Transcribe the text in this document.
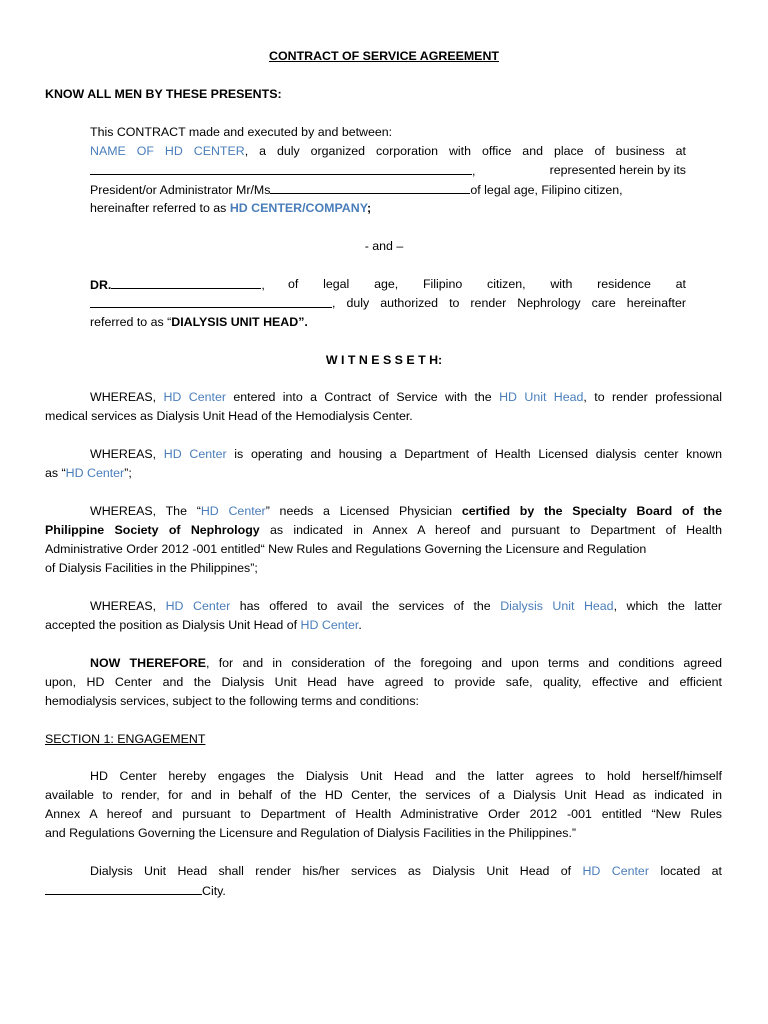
CONTRACT OF SERVICE AGREEMENT
KNOW ALL MEN BY THESE PRESENTS:
This CONTRACT made and executed by and between:
NAME OF HD CENTER, a duly organized corporation with office and place of business at
,	represented herein by its
President/or Administrator Mr/Ms	of legal age, Filipino citizen,
hereinafter referred to as HD CENTER/COMPANY;
- and –
DR.	, of legal age, Filipino citizen, with residence at
, duly authorized to render Nephrology care hereinafter
referred to as “DIALYSIS UNIT HEAD”.
W I T N E S S E T H:
WHEREAS, HD Center entered into a Contract of Service with the HD Unit Head, to render professional
medical services as Dialysis Unit Head of the Hemodialysis Center.
WHEREAS, HD Center is operating and housing a Department of Health Licensed dialysis center known
as “HD Center”;
WHEREAS, The “HD Center” needs a Licensed Physician certified by the Specialty Board of the
Philippine Society of Nephrology as indicated in Annex A hereof and pursuant to Department of Health
Administrative Order 2012 -001 entitled“ New Rules and Regulations Governing the Licensure and Regulation
of Dialysis Facilities in the Philippines”;
WHEREAS, HD Center has offered to avail the services of the Dialysis Unit Head, which the latter
accepted the position as Dialysis Unit Head of HD Center.
NOW THEREFORE, for and in consideration of the foregoing and upon terms and conditions agreed
upon, HD Center and the Dialysis Unit Head have agreed to provide safe, quality, effective and efficient
hemodialysis services, subject to the following terms and conditions:
SECTION 1: ENGAGEMENT
HD Center hereby engages the Dialysis Unit Head and the latter agrees to hold herself/himself
available to render, for and in behalf of the HD Center, the services of a Dialysis Unit Head as indicated in
Annex A hereof and pursuant to Department of Health Administrative Order 2012 -001 entitled “New Rules
and Regulations Governing the Licensure and Regulation of Dialysis Facilities in the Philippines.”
Dialysis Unit Head shall render his/her services as Dialysis Unit Head of HD Center located at
City.
